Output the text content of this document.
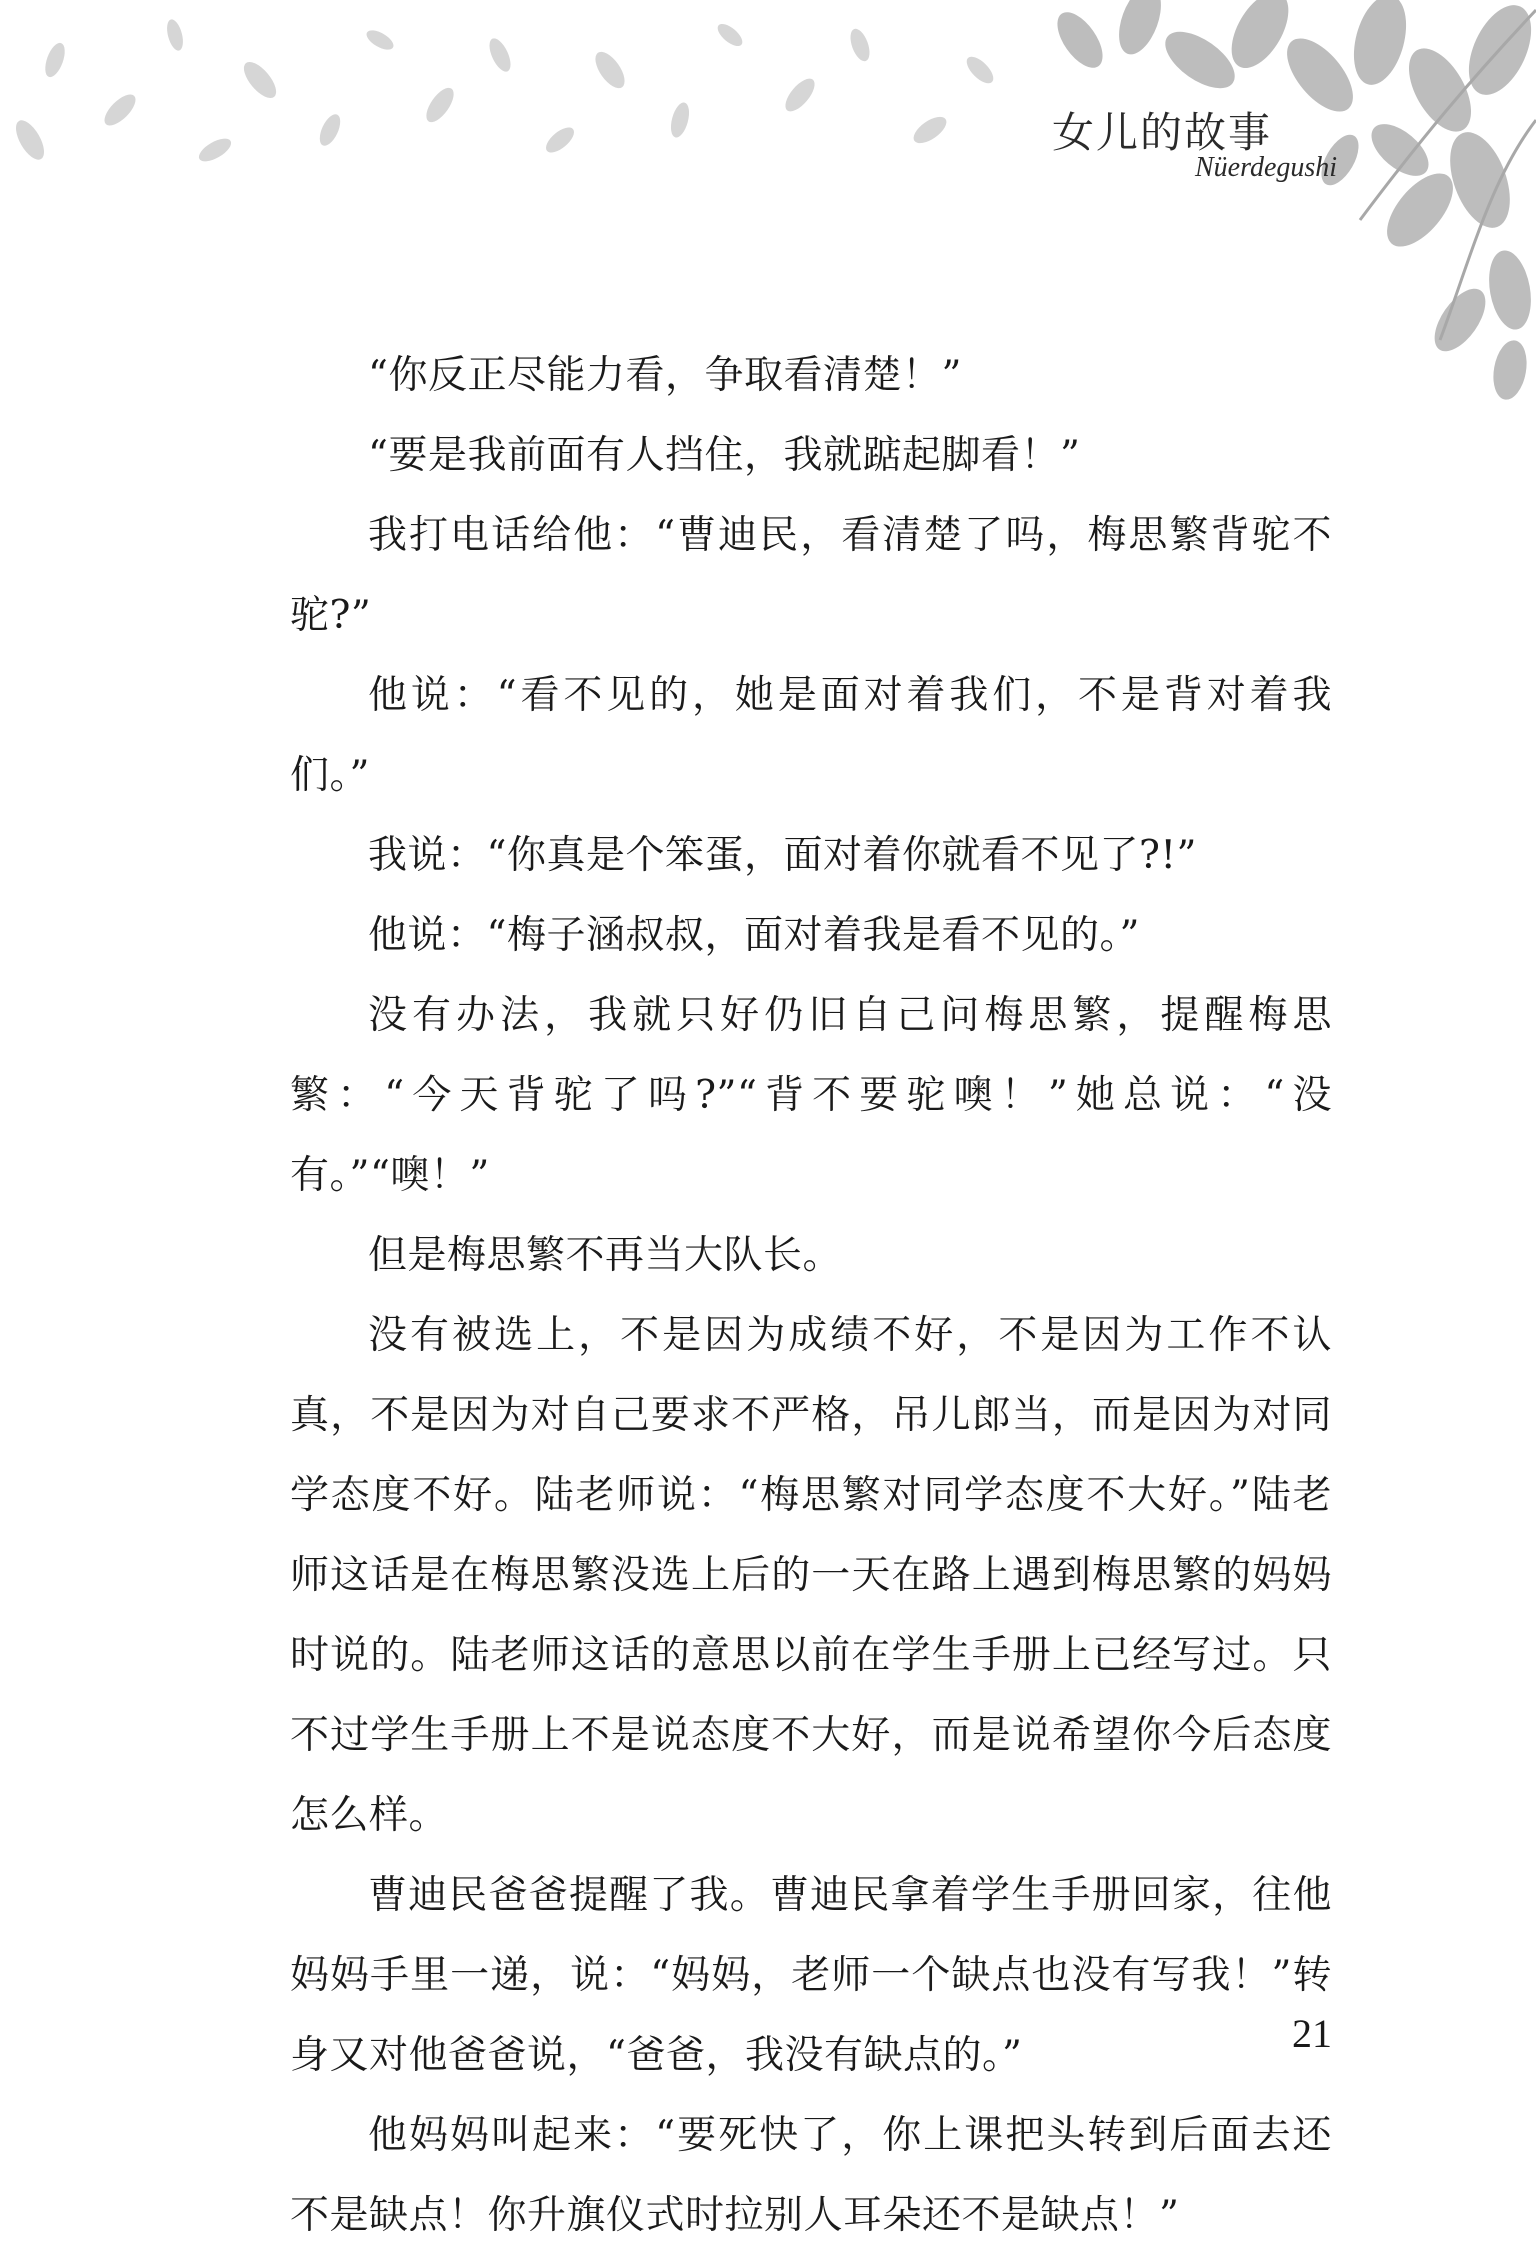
女儿的故事
Nüerdegushi

“你反正尽能力看，争取看清楚！”

“要是我前面有人挡住，我就踮起脚看！”

我打电话给他：“曹迪民，看清楚了吗，梅思繁背驼不驼?”

他说：“看不见的，她是面对着我们，不是背对着我们。”

我说：“你真是个笨蛋，面对着你就看不见了?!”

他说：“梅子涵叔叔，面对着我是看不见的。”

没有办法，我就只好仍旧自己问梅思繁，提醒梅思繁：“今天背驼了吗?”“背不要驼噢！”她总说：“没有。”“噢！”

但是梅思繁不再当大队长。

没有被选上，不是因为成绩不好，不是因为工作不认真，不是因为对自己要求不严格，吊儿郎当，而是因为对同学态度不好。陆老师说：“梅思繁对同学态度不大好。”陆老师这话是在梅思繁没选上后的一天在路上遇到梅思繁的妈妈时说的。陆老师这话的意思以前在学生手册上已经写过。只不过学生手册上不是说态度不大好，而是说希望你今后态度怎么样。

曹迪民爸爸提醒了我。曹迪民拿着学生手册回家，往他妈妈手里一递，说：“妈妈，老师一个缺点也没有写我！”转身又对他爸爸说，“爸爸，我没有缺点的。”

他妈妈叫起来：“要死快了，你上课把头转到后面去还不是缺点！你升旗仪式时拉别人耳朵还不是缺点！”

21
